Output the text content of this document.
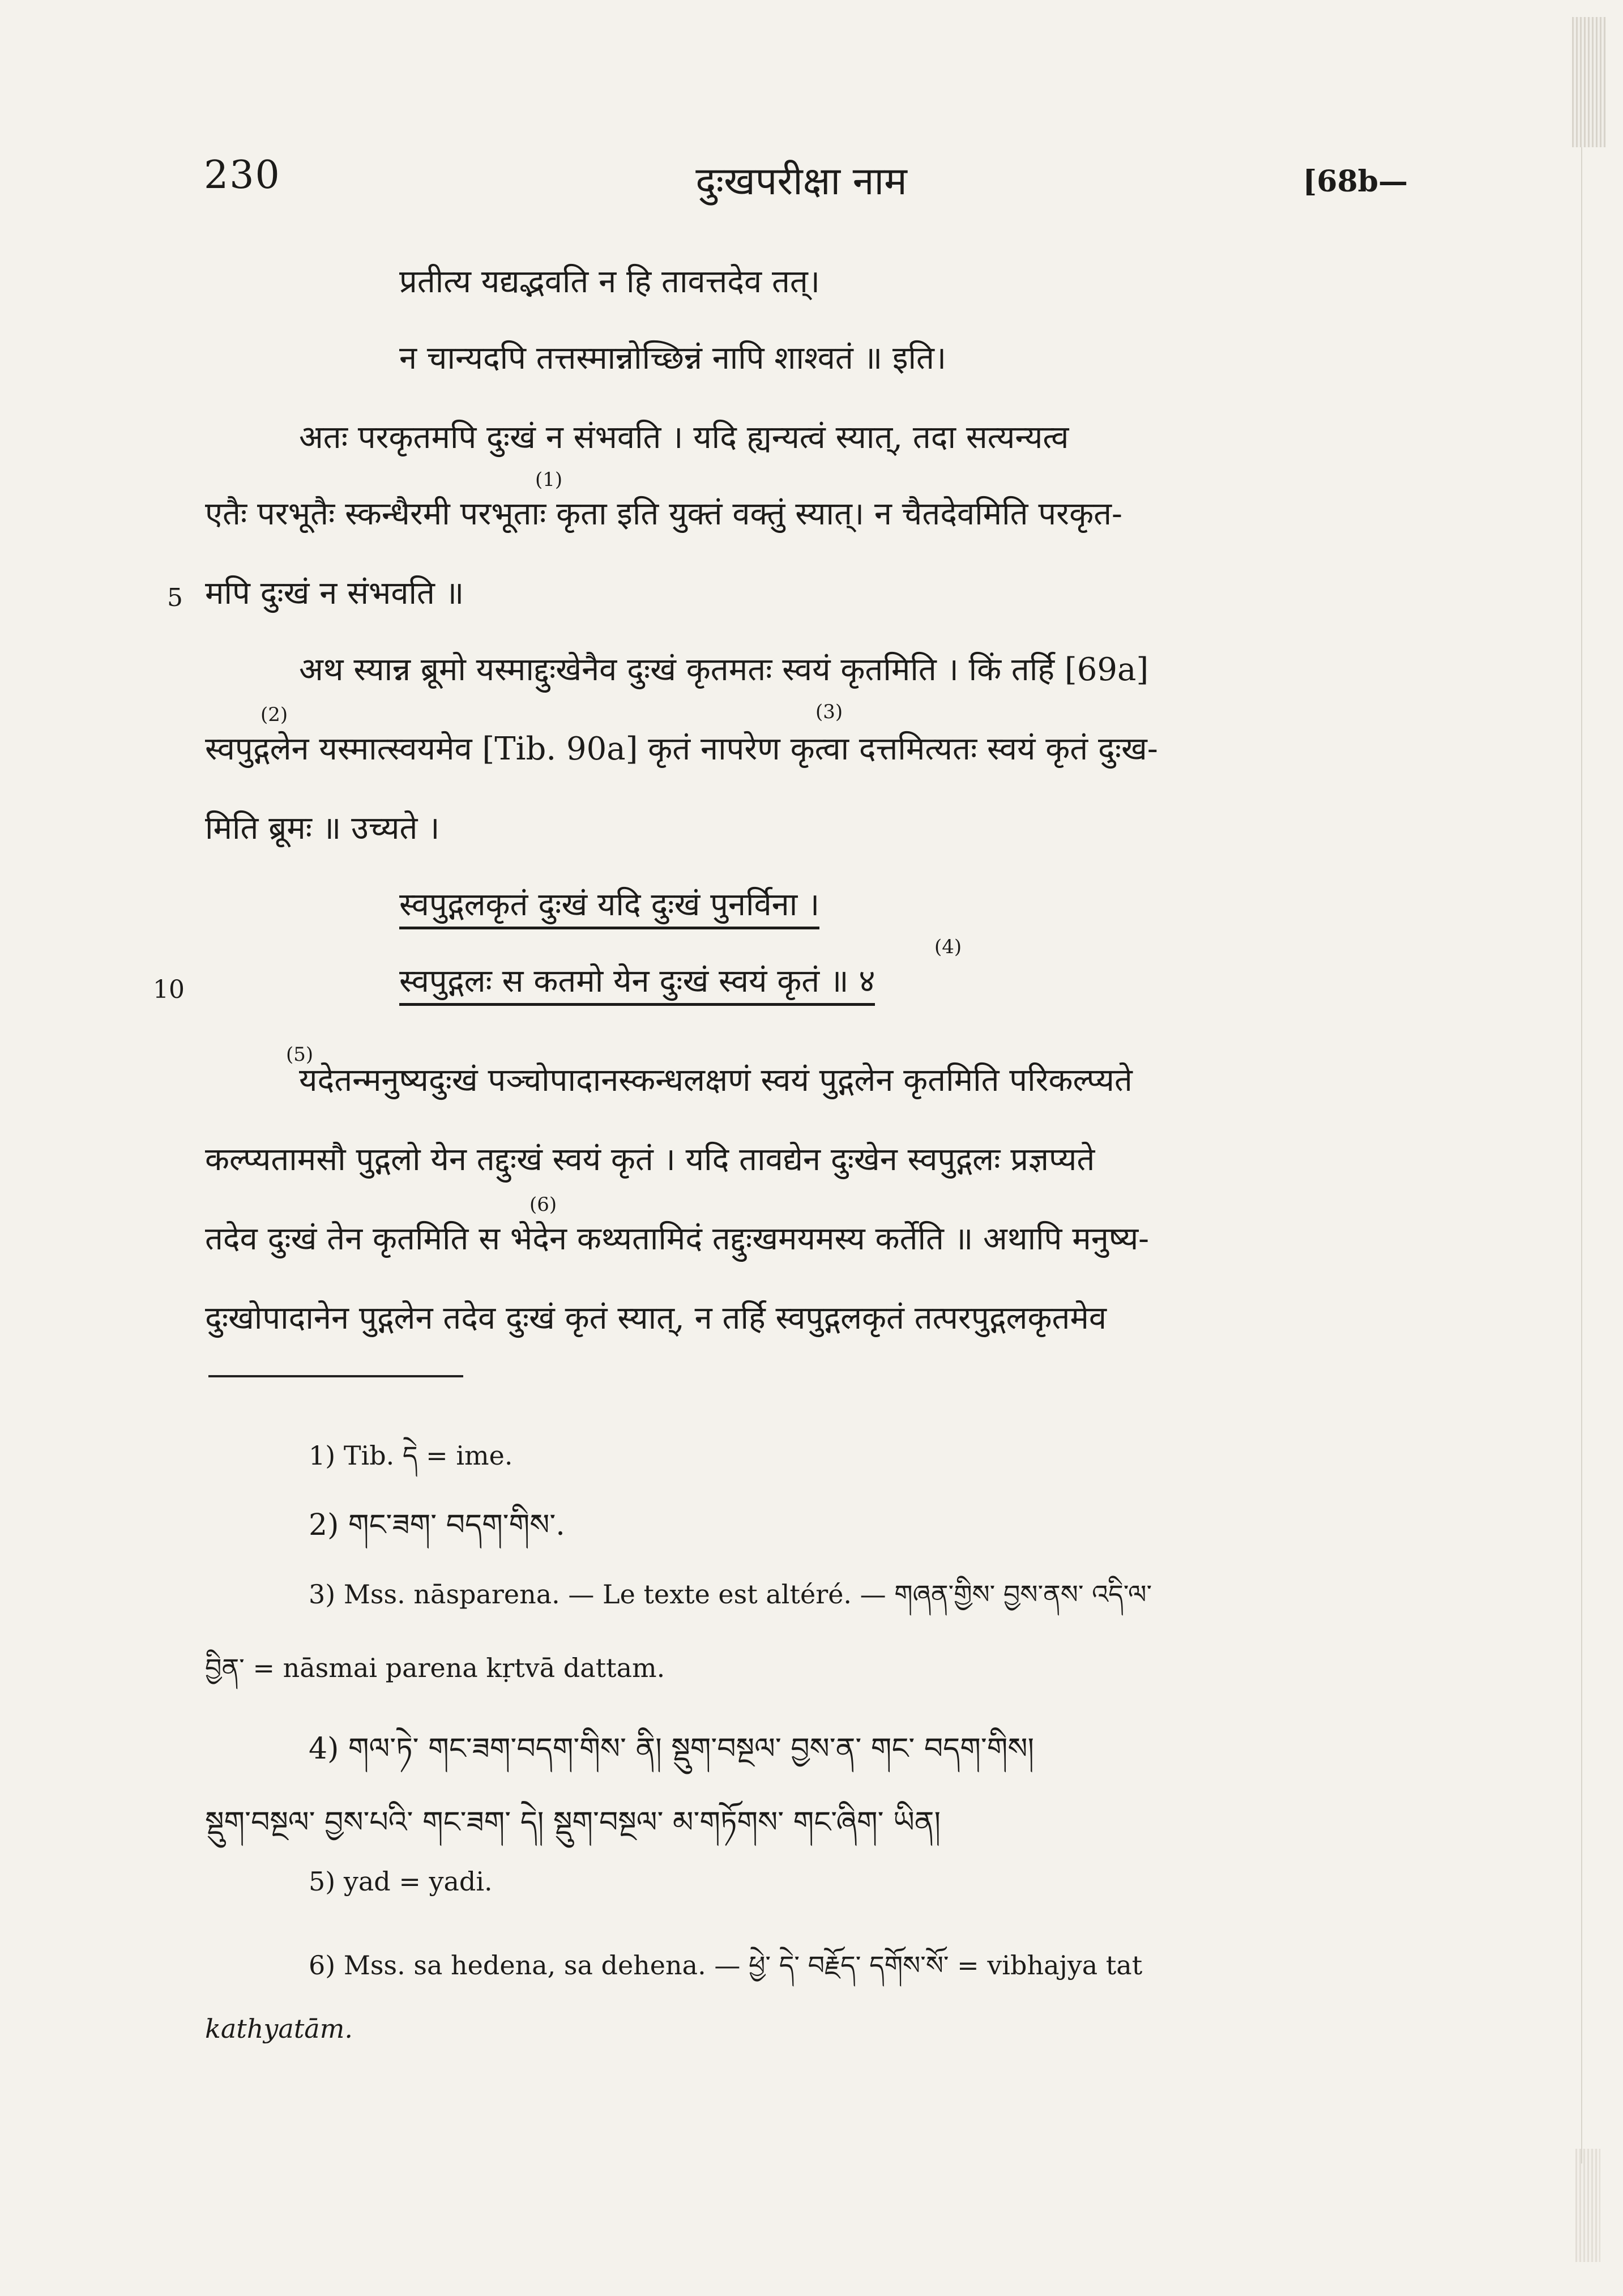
230	दुःखपरीक्षा नाम	[68b—
प्रतीत्य यद्यद्भवति न हि तावत्तदेव तत्।
न चान्यदपि तत्तस्मान्नोच्छिन्नं नापि शाश्वतं ॥ इति।
अतः परकृतमपि दुःखं न संभवति । यदि ह्यन्यत्वं स्यात्, तदा सत्यन्यत्व
(1)
एतैः परभूतैः स्कन्धैरमी परभूताः कृता इति युक्तं वक्तुं स्यात्। न चैतदेवमिति परकृत-
5 मपि दुःखं न संभवति ॥
अथ स्यान्न ब्रूमो यस्माद्दुःखेनैव दुःखं कृतमतः स्वयं कृतमिति । किं तर्हि [69a]
(2)	(3)
स्वपुद्गलेन यस्मात्स्वयमेव [Tib. 90a] कृतं नापरेण कृत्वा दत्तमित्यतः स्वयं कृतं दुःख-
मिति ब्रूमः ॥ उच्यते ।
स्वपुद्गलकृतं दुःखं यदि दुःखं पुनर्विना ।
(4)
10	स्वपुद्गलः स कतमो येन दुःखं स्वयं कृतं ॥ ४
(5)
यदेतन्मनुष्यदुःखं पञ्चोपादानस्कन्धलक्षणं स्वयं पुद्गलेन कृतमिति परिकल्प्यते
कल्प्यतामसौ पुद्गलो येन तद्दुःखं स्वयं कृतं । यदि तावद्येन दुःखेन स्वपुद्गलः प्रज्ञप्यते
(6)
तदेव दुःखं तेन कृतमिति स भेदेन कथ्यतामिदं तद्दुःखमयमस्य कर्तेति ॥ अथापि मनुष्य-
दुःखोपादानेन पुद्गलेन तदेव दुःखं कृतं स्यात्, न तर्हि स्वपुद्गलकृतं तत्परपुद्गलकृतमेव
1) Tib. དེ = ime.
2) གང་ཟག་ བདག་གིས་.
3) Mss. nāsparena. — Le texte est altéré. — གཞན་གྱིས་ བྱས་ནས་ འདི་ལ་
བྱིན་ = nāsmai parena kṛtvā dattam.
4) གལ་ཏེ་ གང་ཟག་བདག་གིས་ ནི། སྡུག་བསྔལ་ བྱས་ན་ གང་ བདག་གིས།
སྡུག་བསྔལ་ བྱས་པའི་ གང་ཟག་ དེ། སྡུག་བསྔལ་ མ་གཏོགས་ གང་ཞིག་ ཡིན།
5) yad = yadi.
6) Mss. sa hedena, sa dehena. — ཕྱེ་ དེ་ བརྗོད་ དགོས་སོ་ = vibhajya tat
kathyatām.
